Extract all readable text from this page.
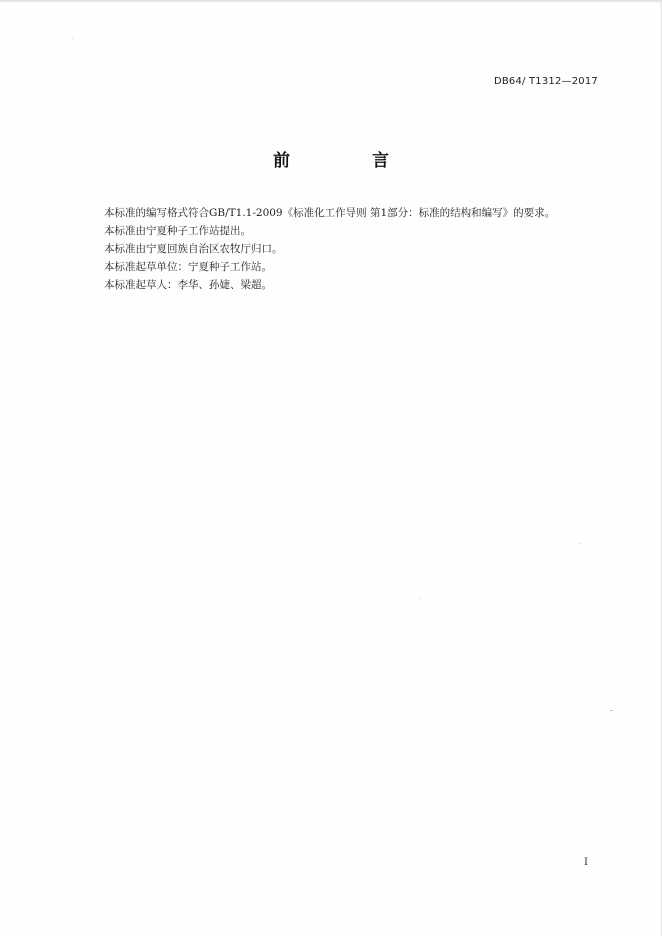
DB64/ T1312—2017
前 言
本标准的编写格式符合GB/T1.1-2009《标准化工作导则 第1部分：标准的结构和编写》的要求。
本标准由宁夏种子工作站提出。
本标准由宁夏回族自治区农牧厅归口。
本标准起草单位：宁夏种子工作站。
本标准起草人：李华、孙婕、梁超。
I
